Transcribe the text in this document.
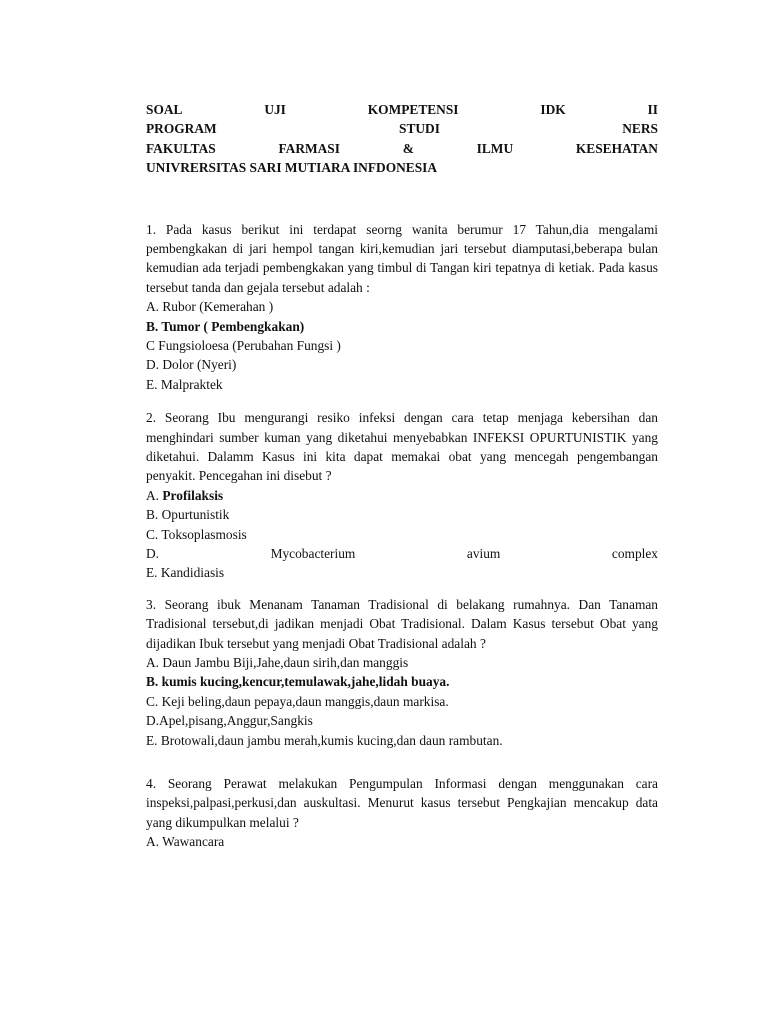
SOAL	UJI	KOMPETENSI	IDK	II
PROGRAM	STUDI	NERS
FAKULTAS	FARMASI	&	ILMU	KESEHATAN
UNIVRERSITAS SARI MUTIARA INFDONESIA
1. Pada kasus berikut ini terdapat seorng wanita berumur 17 Tahun,dia mengalami pembengkakan di jari hempol tangan kiri,kemudian jari tersebut diamputasi,beberapa bulan kemudian ada terjadi pembengkakan yang timbul di Tangan kiri tepatnya di ketiak. Pada kasus tersebut tanda dan gejala tersebut adalah :
A. Rubor (Kemerahan )
B. Tumor ( Pembengkakan)
C Fungsioloesa (Perubahan Fungsi )
D. Dolor (Nyeri)
E. Malpraktek
2. Seorang Ibu mengurangi resiko infeksi dengan cara tetap menjaga kebersihan dan menghindari sumber kuman yang diketahui menyebabkan INFEKSI OPURTUNISTIK yang diketahui. Dalamm Kasus ini kita dapat memakai obat yang mencegah pengembangan penyakit. Pencegahan ini disebut ?
A. Profilaksis
B. Opurtunistik
C. Toksoplasmosis
D.	Mycobacterium	avium	complex
E. Kandidiasis
3. Seorang ibuk Menanam Tanaman Tradisional di belakang rumahnya. Dan Tanaman Tradisional tersebut,di jadikan menjadi Obat Tradisional. Dalam Kasus tersebut Obat yang dijadikan Ibuk tersebut yang menjadi Obat Tradisional adalah ?
A. Daun Jambu Biji,Jahe,daun sirih,dan manggis
B. kumis kucing,kencur,temulawak,jahe,lidah buaya.
C. Keji beling,daun pepaya,daun manggis,daun markisa.
D.Apel,pisang,Anggur,Sangkis
E. Brotowali,daun jambu merah,kumis kucing,dan daun rambutan.
4. Seorang Perawat melakukan Pengumpulan Informasi dengan menggunakan cara inspeksi,palpasi,perkusi,dan auskultasi. Menurut kasus tersebut Pengkajian mencakup data yang dikumpulkan melalui ?
A. Wawancara
